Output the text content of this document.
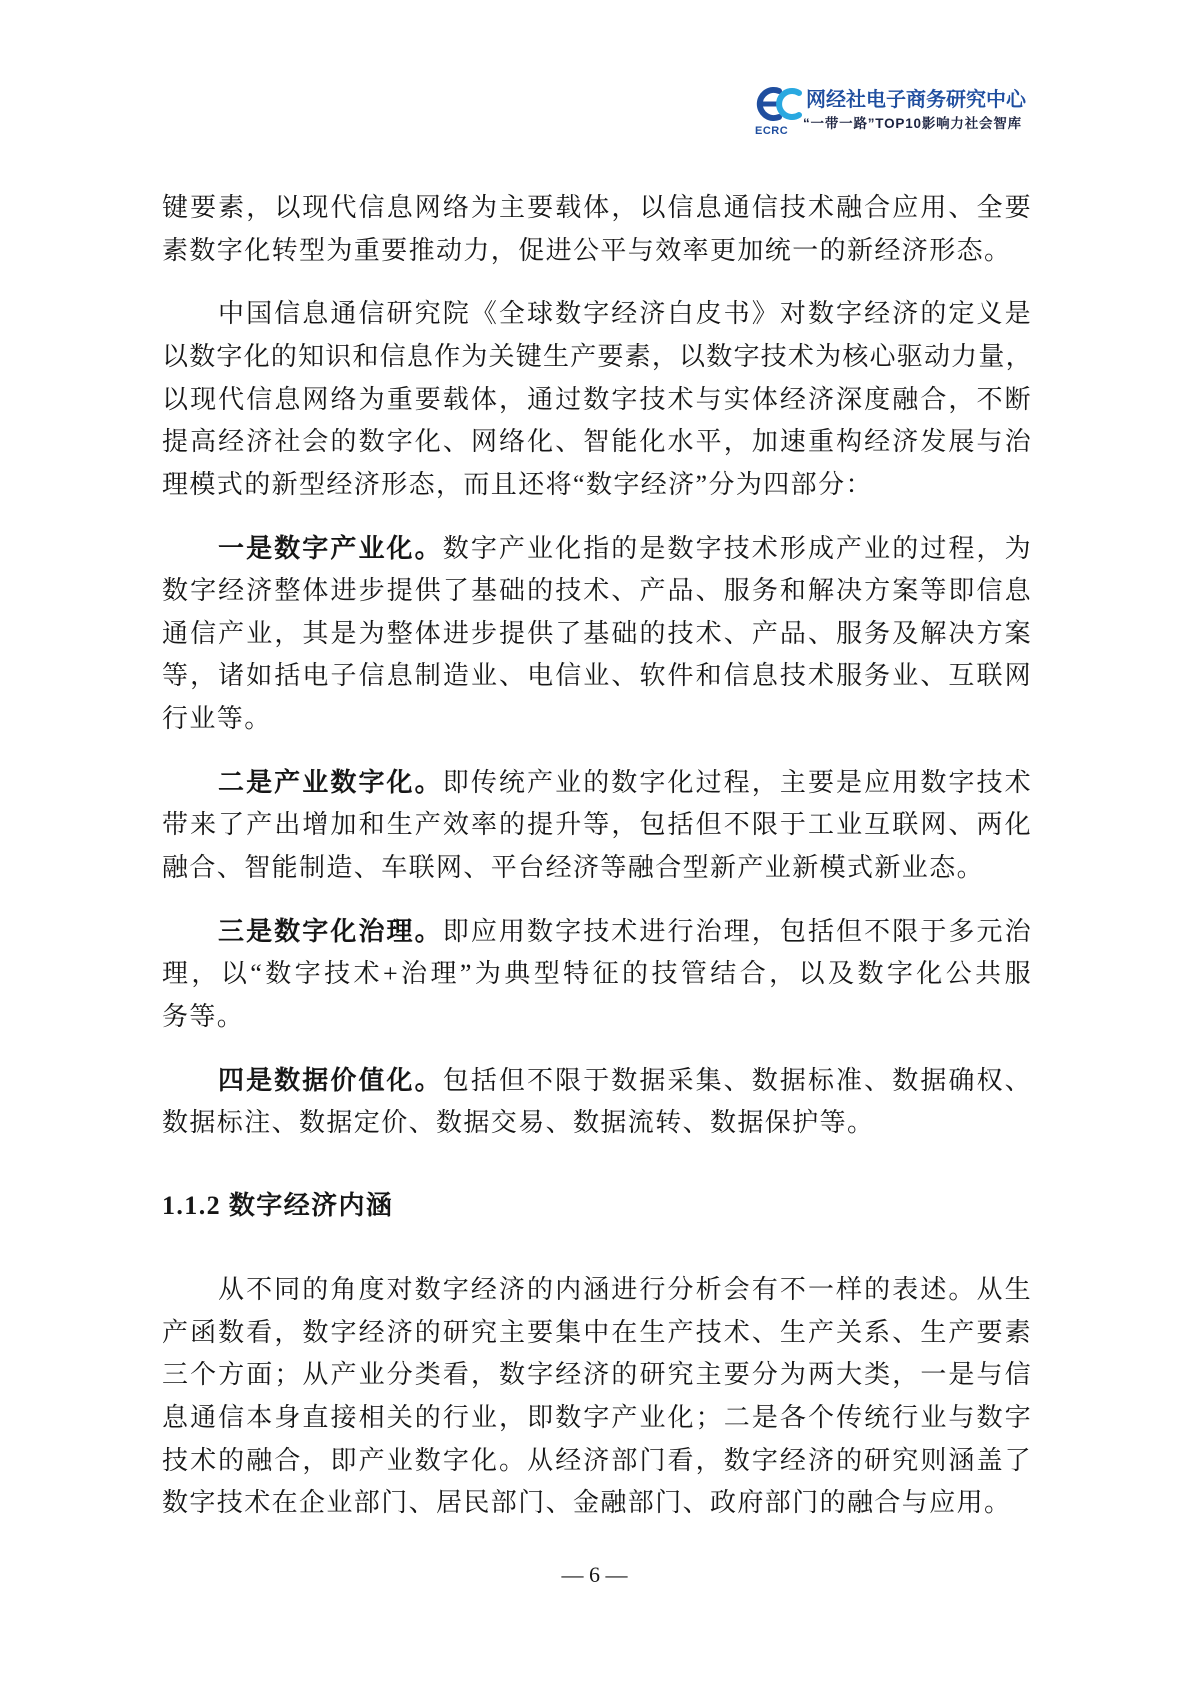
ECRC
网经社电子商务研究中心
“一带一路”TOP10影响力社会智库
键要素，以现代信息网络为主要载体，以信息通信技术融合应用、全要
素数字化转型为重要推动力，促进公平与效率更加统一的新经济形态。
中国信息通信研究院《全球数字经济白皮书》对数字经济的定义是
以数字化的知识和信息作为关键生产要素，以数字技术为核心驱动力量，
以现代信息网络为重要载体，通过数字技术与实体经济深度融合，不断
提高经济社会的数字化、网络化、智能化水平，加速重构经济发展与治
理模式的新型经济形态，而且还将“数字经济”分为四部分：
一是数字产业化。数字产业化指的是数字技术形成产业的过程，为
数字经济整体进步提供了基础的技术、产品、服务和解决方案等即信息
通信产业，其是为整体进步提供了基础的技术、产品、服务及解决方案
等，诸如括电子信息制造业、电信业、软件和信息技术服务业、互联网
行业等。
二是产业数字化。即传统产业的数字化过程，主要是应用数字技术
带来了产出增加和生产效率的提升等，包括但不限于工业互联网、两化
融合、智能制造、车联网、平台经济等融合型新产业新模式新业态。
三是数字化治理。即应用数字技术进行治理，包括但不限于多元治
理，以“数字技术+治理”为典型特征的技管结合，以及数字化公共服
务等。
四是数据价值化。包括但不限于数据采集、数据标准、数据确权、
数据标注、数据定价、数据交易、数据流转、数据保护等。
1.1.2 数字经济内涵
从不同的角度对数字经济的内涵进行分析会有不一样的表述。从生
产函数看，数字经济的研究主要集中在生产技术、生产关系、生产要素
三个方面；从产业分类看，数字经济的研究主要分为两大类，一是与信
息通信本身直接相关的行业，即数字产业化；二是各个传统行业与数字
技术的融合，即产业数字化。从经济部门看，数字经济的研究则涵盖了
数字技术在企业部门、居民部门、金融部门、政府部门的融合与应用。
— 6 —
